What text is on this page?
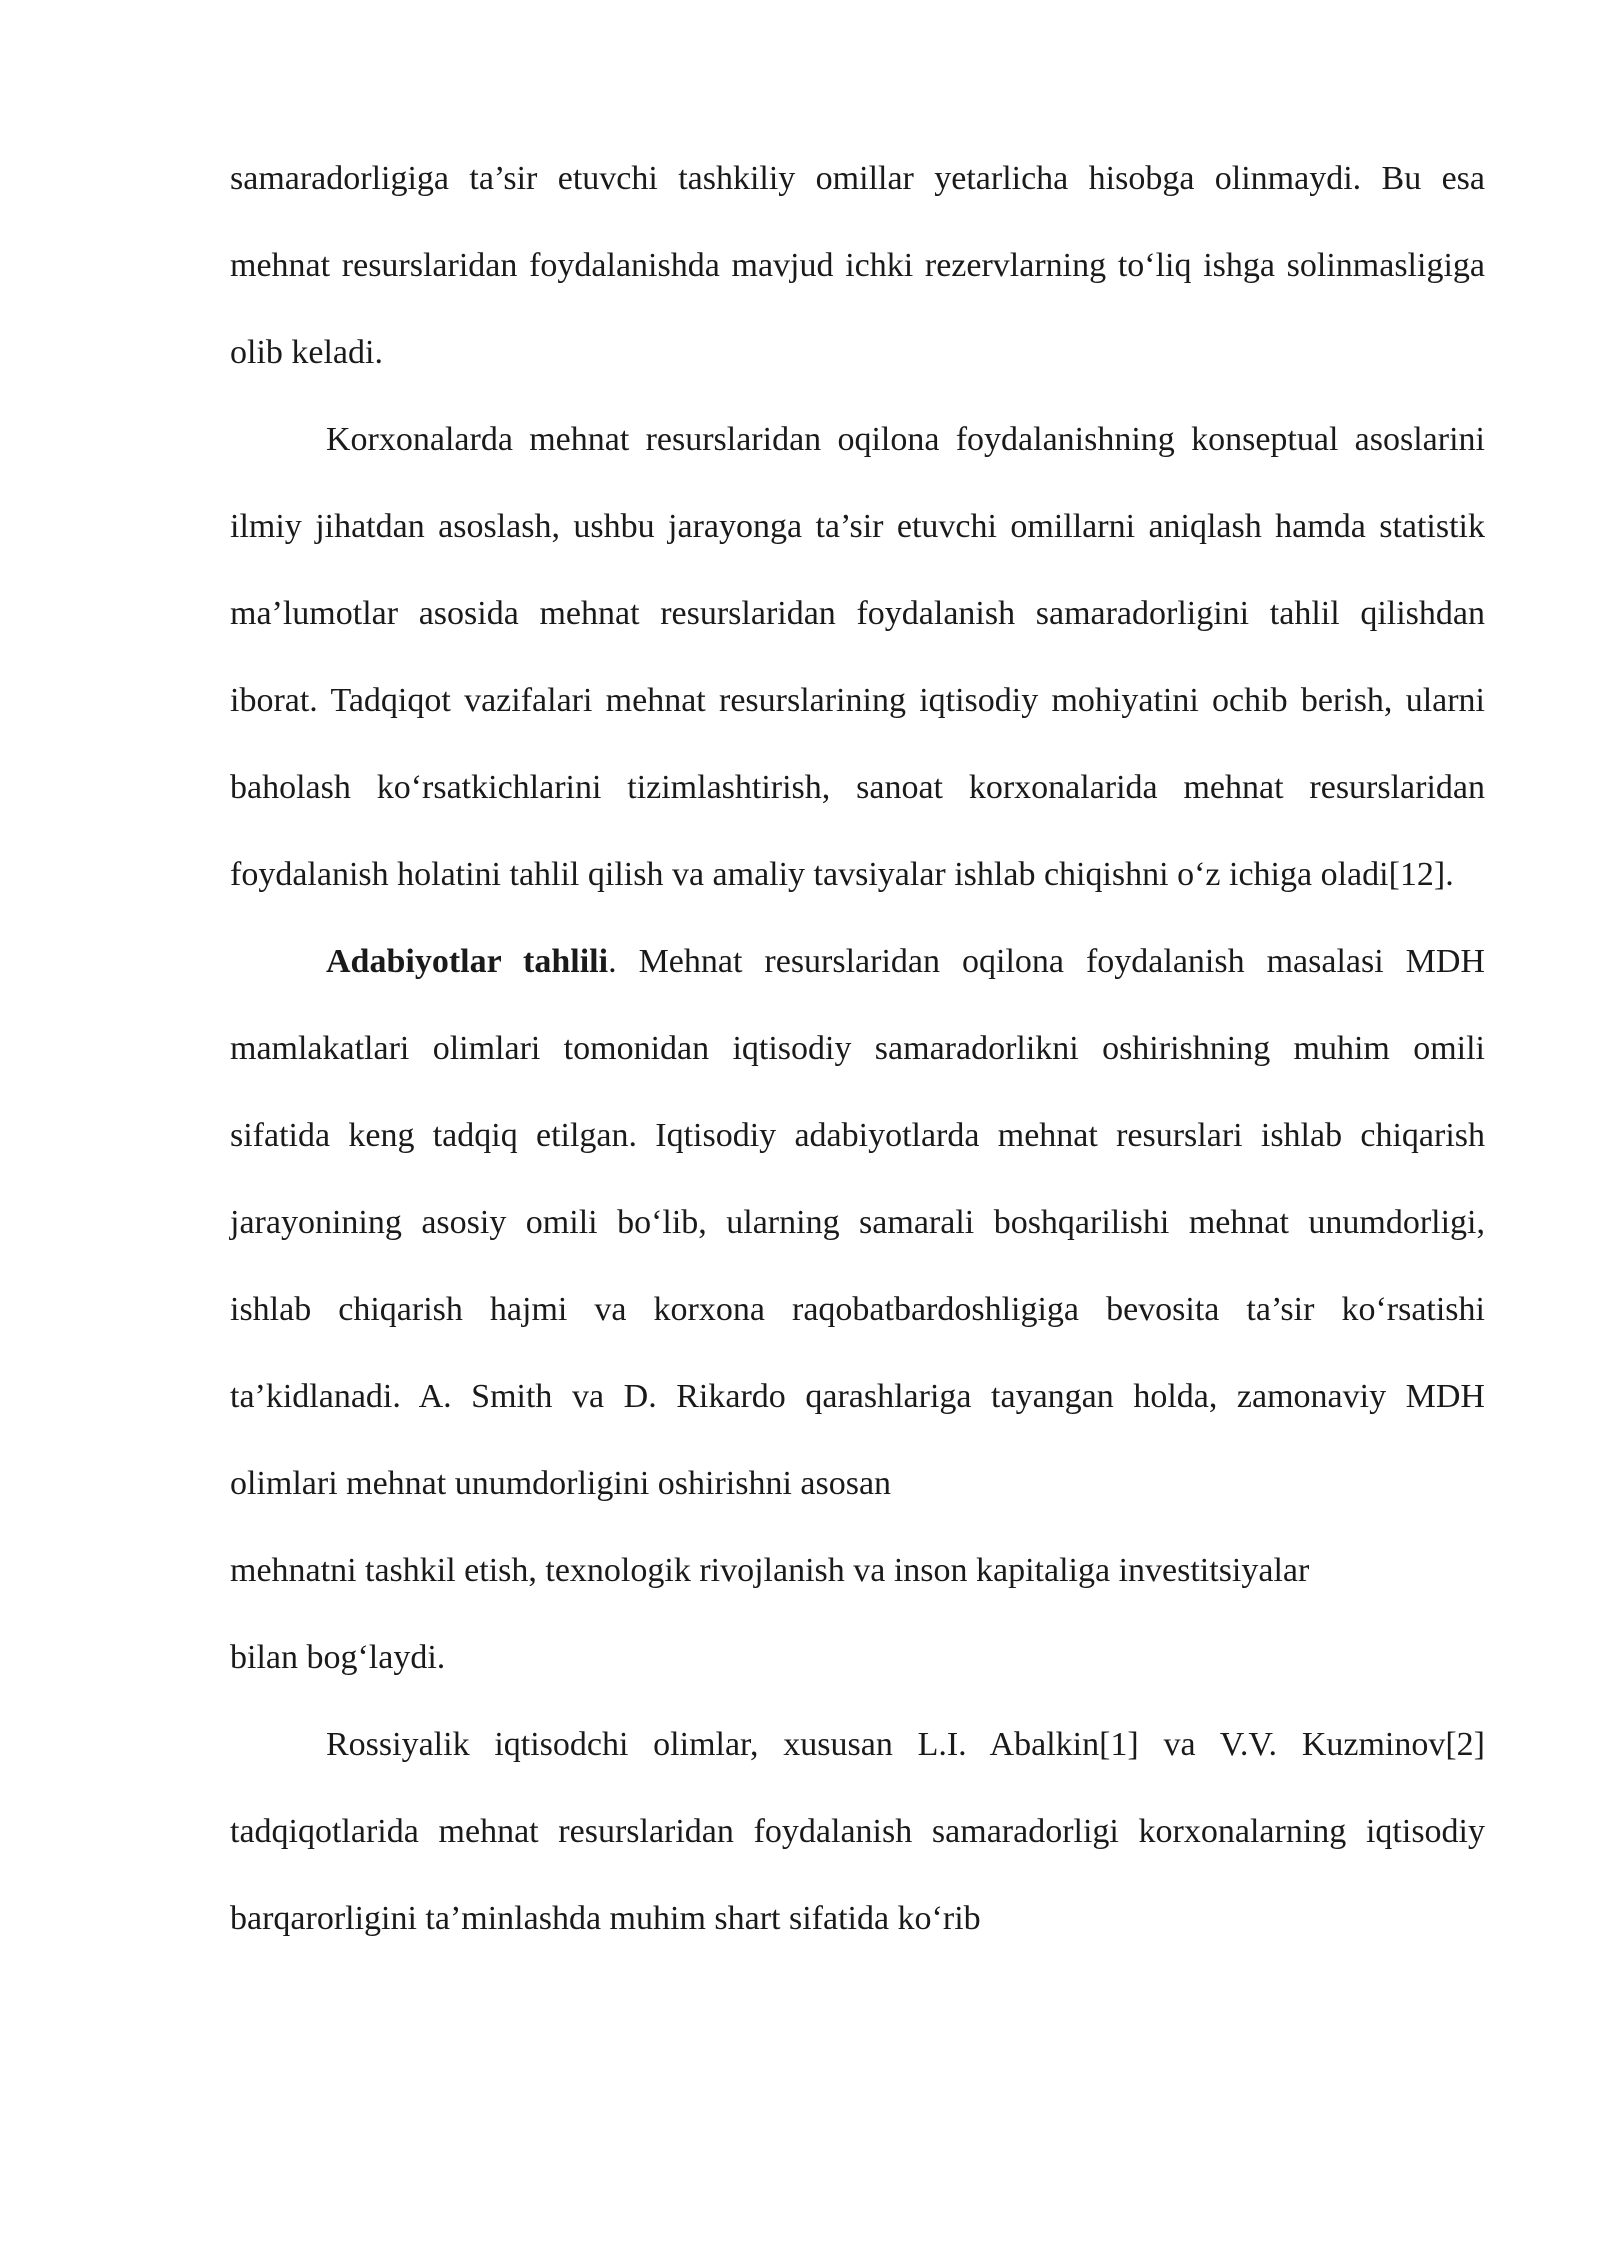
samaradorligiga ta’sir etuvchi tashkiliy omillar yetarlicha hisobga olinmaydi. Bu esa mehnat resurslaridan foydalanishda mavjud ichki rezervlarning to‘liq ishga solinmasligiga olib keladi.

Korxonalarda mehnat resurslaridan oqilona foydalanishning konseptual asoslarini ilmiy jihatdan asoslash, ushbu jarayonga ta’sir etuvchi omillarni aniqlash hamda statistik ma’lumotlar asosida mehnat resurslaridan foydalanish samaradorligini tahlil qilishdan iborat. Tadqiqot vazifalari mehnat resurslarining iqtisodiy mohiyatini ochib berish, ularni baholash ko‘rsatkichlarini tizimlashtirish, sanoat korxonalarida mehnat resurslaridan foydalanish holatini tahlil qilish va amaliy tavsiyalar ishlab chiqishni o‘z ichiga oladi[12].

Adabiyotlar tahlili. Mehnat resurslaridan oqilona foydalanish masalasi MDH mamlakatlari olimlari tomonidan iqtisodiy samaradorlikni oshirishning muhim omili sifatida keng tadqiq etilgan. Iqtisodiy adabiyotlarda mehnat resurslari ishlab chiqarish jarayonining asosiy omili bo‘lib, ularning samarali boshqarilishi mehnat unumdorligi, ishlab chiqarish hajmi va korxona raqobatbardoshligiga bevosita ta’sir ko‘rsatishi ta’kidlanadi. A. Smith va D. Rikardo qarashlariga tayangan holda, zamonaviy MDH olimlari mehnat unumdorligini oshirishni asosan

mehnatni tashkil etish, texnologik rivojlanish va inson kapitaliga investitsiyalar

bilan bog‘laydi.

Rossiyalik iqtisodchi olimlar, xususan L.I. Abalkin[1] va V.V. Kuzminov[2] tadqiqotlarida mehnat resurslaridan foydalanish samaradorligi korxonalarning iqtisodiy barqarorligini ta’minlashda muhim shart sifatida ko‘rib
